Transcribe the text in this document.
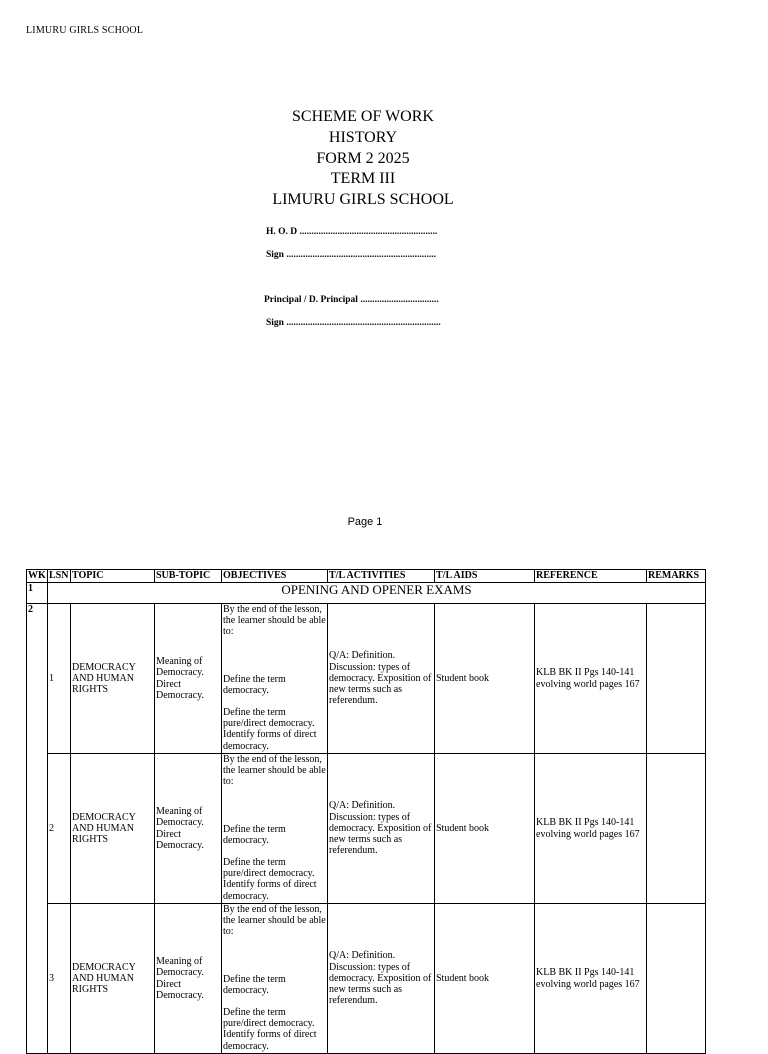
LIMURU GIRLS SCHOOL
SCHEME OF WORK
HISTORY
FORM 2 2025
TERM III
LIMURU GIRLS SCHOOL
H. O. D ..........................................................
Sign ...............................................................
Principal / D. Principal .................................
Sign .................................................................
Page 1
WK	LSN	TOPIC	SUB-TOPIC	OBJECTIVES	T/L ACTIVITIES	T/L AIDS	REFERENCE	REMARKS
1	OPENING AND OPENER EXAMS							
2	1	DEMOCRACY AND HUMAN RIGHTS	Meaning of Democracy. Direct Democracy.	By the end of the lesson, the learner should be able to:
Define the term democracy.
Define the term pure/direct democracy. Identify forms of direct democracy.	Q/A: Definition. Discussion: types of democracy. Exposition of new terms such as referendum.	Student book	KLB BK II Pgs 140-141 evolving world pages 167	
	2	DEMOCRACY AND HUMAN RIGHTS	Meaning of Democracy. Direct Democracy.	By the end of the lesson, the learner should be able to:
Define the term democracy.
Define the term pure/direct democracy. Identify forms of direct democracy.	Q/A: Definition. Discussion: types of democracy. Exposition of new terms such as referendum.	Student book	KLB BK II Pgs 140-141 evolving world pages 167	
	3	DEMOCRACY AND HUMAN RIGHTS	Meaning of Democracy. Direct Democracy.	By the end of the lesson, the learner should be able to:
Define the term democracy.
Define the term pure/direct democracy. Identify forms of direct democracy.	Q/A: Definition. Discussion: types of democracy. Exposition of new terms such as referendum.	Student book	KLB BK II Pgs 140-141 evolving world pages 167	
